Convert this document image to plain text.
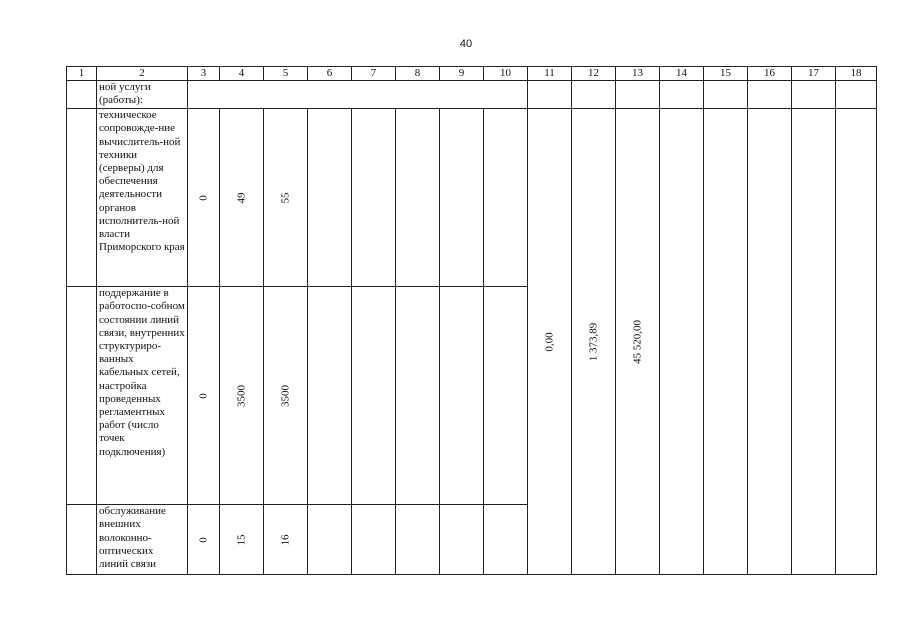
40
1	2	3	4	5	6	7	8	9	10	11	12	13	14	15	16	17	18
	ной услуги (работы):																
	техническое сопровожде-ние вычислитель-ной техники (серверы) для обеспечения деятельности органов исполнитель-ной власти Приморского края	0	49	55						0,00	1 373,89	45 520,00					

	поддержание в работоспо-собном состоянии линий связи, внутренних структуриро-ванных кабельных сетей, настройка проведенных регламентных работ (число точек подключения)	0	3500	3500													

	обслуживание внешних волоконно-оптических линий связи	0	15	16													
